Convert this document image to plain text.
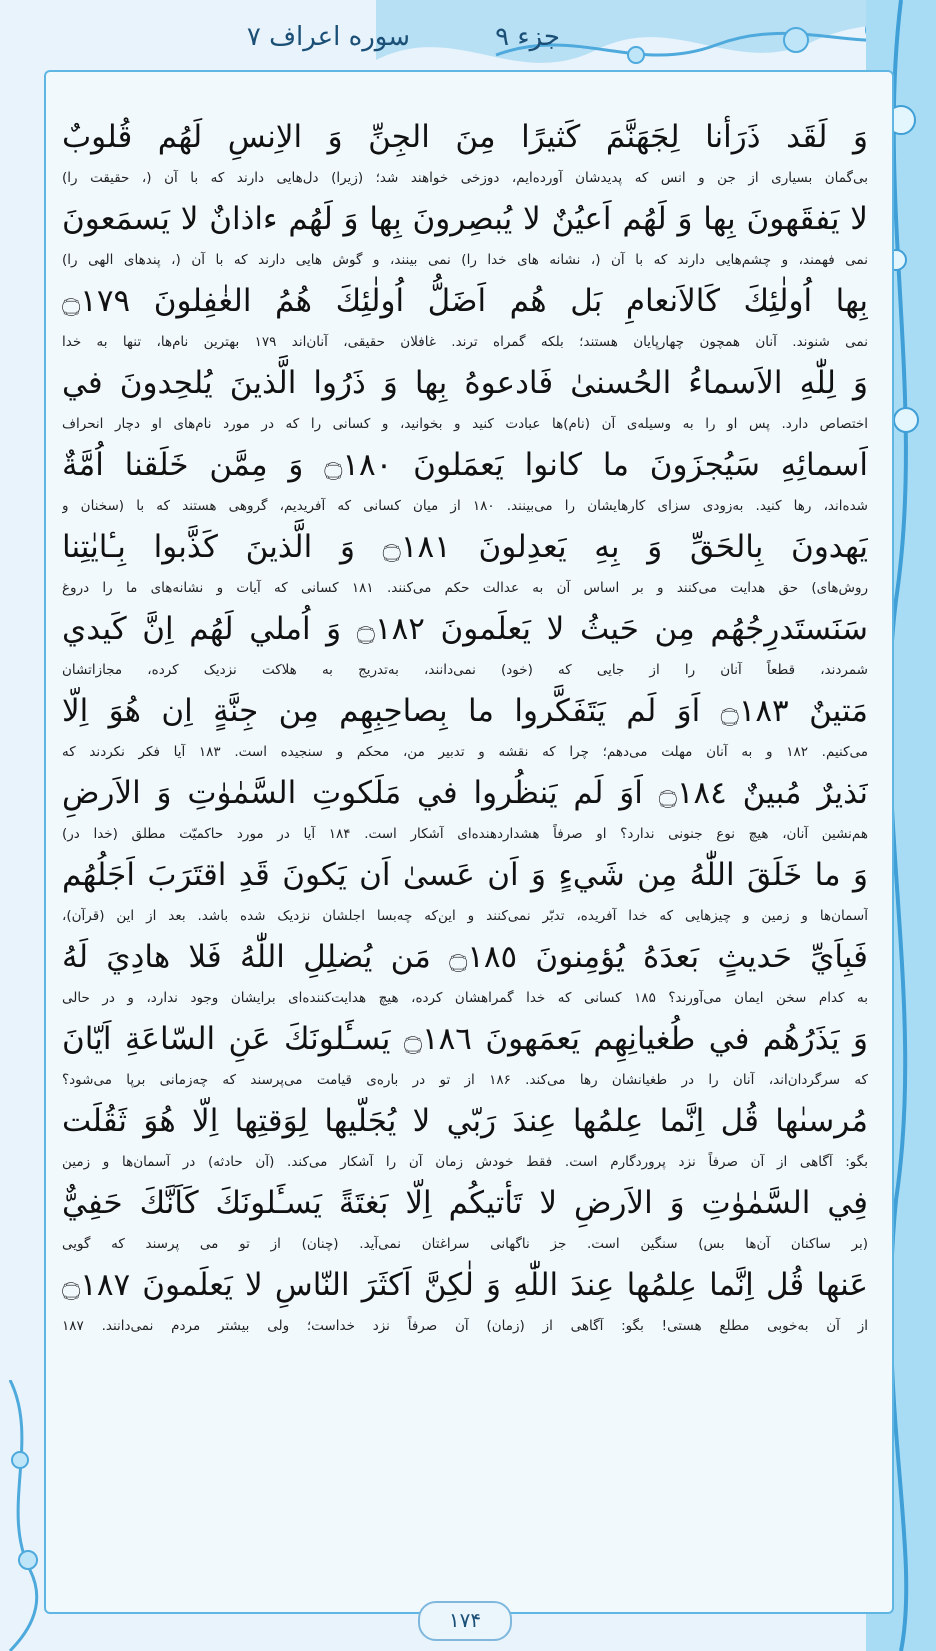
جزء ۹
سوره اعراف ۷
وَ لَقَد ذَرَأنا لِجَهَنَّمَ كَثيرًا مِنَ الجِنِّ وَ الاِنسِ لَهُم قُلوبٌ
بی‌گمان بسیاری از جن و انس که پدیدشان آورده‌ایم، دوزخی خواهند شد؛ (زیرا) دل‌هایی دارند که با آن (، حقیقت را)
لا يَفقَهونَ بِها وَ لَهُم اَعيُنٌ لا يُبصِرونَ بِها وَ لَهُم ءاذانٌ لا يَسمَعونَ
نمی فهمند، و چشم‌هایی دارند که با آن (، نشانه های خدا را) نمی بینند، و گوش هایی دارند که با آن (، پندهای الهی را)
بِها اُولٰئِكَ كَالاَنعامِ بَل هُم اَضَلُّ اُولٰئِكَ هُمُ الغٰفِلونَ ۝١٧٩
نمی شنوند. آنان همچون چهارپایان هستند؛ بلکه گمراه ترند. غافلان حقیقی، آنان‌اند ۱۷۹ بهترین نام‌ها، تنها به خدا
وَ لِلّٰهِ الاَسماءُ الحُسنىٰ فَادعوهُ بِها وَ ذَرُوا الَّذينَ يُلحِدونَ في
اختصاص دارد. پس او را به وسیله‌ی آن (نام)ها عبادت کنید و بخوانید، و کسانی را که در مورد نام‌های او دچار انحراف
اَسمائِهِ سَيُجزَونَ ما كانوا يَعمَلونَ ۝١٨٠ وَ مِمَّن خَلَقنا اُمَّةٌ
شده‌اند، رها کنید. به‌زودی سزای کارهایشان را می‌بینند. ۱۸۰ از میان کسانی که آفریدیم، گروهی هستند که با (سخنان و
يَهدونَ بِالحَقِّ وَ بِهِ يَعدِلونَ ۝١٨١ وَ الَّذينَ كَذَّبوا بِـٔايٰتِنا
روش‌های) حق هدایت می‌کنند و بر اساس آن به عدالت حکم می‌کنند. ۱۸۱ کسانی که آیات و نشانه‌های ما را دروغ
سَنَستَدرِجُهُم مِن حَيثُ لا يَعلَمونَ ۝١٨٢ وَ اُملي لَهُم اِنَّ كَيدي
شمردند، قطعاً آنان را از جایی که (خود) نمی‌دانند، به‌تدریج به هلاکت نزدیک کرده، مجازاتشان
مَتينٌ ۝١٨٣ اَوَ لَم يَتَفَكَّروا ما بِصاحِبِهِم مِن جِنَّةٍ اِن هُوَ اِلّا
می‌کنیم. ۱۸۲ و به آنان مهلت می‌دهم؛ چرا که نقشه و تدبیر من، محکم و سنجیده است. ۱۸۳ آیا فکر نکردند که
نَذيرٌ مُبينٌ ۝١٨٤ اَوَ لَم يَنظُروا في مَلَكوتِ السَّمٰوٰتِ وَ الاَرضِ
هم‌نشین آنان، هیچ نوع جنونی ندارد؟ او صرفاً هشداردهنده‌ای آشکار است. ۱۸۴ آیا در مورد حاکمیّت مطلق (خدا در)
وَ ما خَلَقَ اللّٰهُ مِن شَيءٍ وَ اَن عَسىٰ اَن يَكونَ قَدِ اقتَرَبَ اَجَلُهُم
آسمان‌ها و زمین و چیزهایی که خدا آفریده، تدبّر نمی‌کنند و این‌که چه‌بسا اجلشان نزدیک شده باشد. بعد از این (قرآن)،
فَبِاَيِّ حَديثٍ بَعدَهُ يُؤمِنونَ ۝١٨٥ مَن يُضلِلِ اللّٰهُ فَلا هادِيَ لَهُ
به کدام سخن ایمان می‌آورند؟ ۱۸۵ کسانی که خدا گمراهشان کرده، هیچ هدایت‌کننده‌ای برایشان وجود ندارد، و در حالی
وَ يَذَرُهُم في طُغيانِهِم يَعمَهونَ ۝١٨٦ يَسـَٔلونَكَ عَنِ السّاعَةِ اَيّانَ
که سرگردان‌اند، آنان را در طغیانشان رها می‌کند. ۱۸۶ از تو در باره‌ی قیامت می‌پرسند که چه‌زمانی برپا می‌شود؟
مُرسىٰها قُل اِنَّما عِلمُها عِندَ رَبّي لا يُجَلّيها لِوَقتِها اِلّا هُوَ ثَقُلَت
بگو: آگاهی از آن صرفاً نزد پروردگارم است. فقط خودش زمان آن را آشکار می‌کند. (آن حادثه) در آسمان‌ها و زمین
فِي السَّمٰوٰتِ وَ الاَرضِ لا تَأتيكُم اِلّا بَغتَةً يَسـَٔلونَكَ كَاَنَّكَ حَفِيٌّ
(بر ساکنان آن‌ها بس) سنگین است. جز ناگهانی سراغتان نمی‌آید. (چنان) از تو می پرسند که گویی
عَنها قُل اِنَّما عِلمُها عِندَ اللّٰهِ وَ لٰكِنَّ اَكثَرَ النّاسِ لا يَعلَمونَ ۝١٨٧
از آن به‌خوبی مطلع هستی! بگو: آگاهی از (زمان) آن صرفاً نزد خداست؛ ولی بیشتر مردم نمی‌دانند. ۱۸۷
۱۷۴
